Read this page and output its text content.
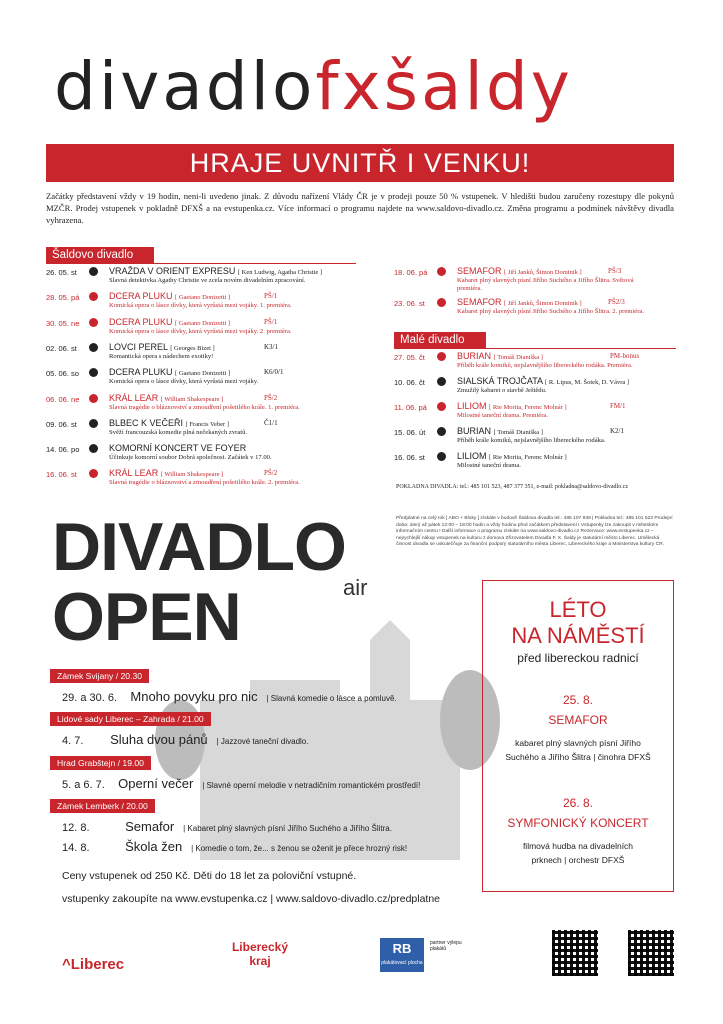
divadlofxšaldy
HRAJE UVNITŘ I VENKU!
Začátky představení vždy v 19 hodin, neni-li uvedeno jinak. Z důvodu nařízení Vlády ČR je v prodeji pouze 50 % vstupenek. V hledišti budou zaručeny rozestupy dle pokynů MZČR. Prodej vstupenek v pokladně DFXŠ a na evstupenka.cz. Více informací o programu najdete na www.saldovo-divadlo.cz. Změna programu a podmínek návštěvy divadla vyhrazena.
Šaldovo divadlo
26. 05. st	VRAŽDA V ORIENT EXPRESU [ Ken Ludwig, Agatha Christie ]
Slavná detektivka Agathy Christie ve zcela novém divadelním zpracování.
28. 05. pá	DCERA PLUKU [ Gaetano Donizetti ]	PŠ/1
Komická opera o lásce dívky, která vyrůstá mezi vojáky. 1. premiéra.
30. 05. ne	DCERA PLUKU [ Gaetano Donizetti ]	PŠ/1
Komická opera o lásce dívky, která vyrůstá mezi vojáky. 2. premiéra.
02. 06. st	LOVCI PEREL [ Georges Bizet ]	K3/1
Romantická opera s nádechem exotiky!
05. 06. so	DCERA PLUKU [ Gaetano Donizetti ]	K6/0/1
Komická opera o lásce dívky, která vyrůstá mezi vojáky.
06. 06. ne	KRÁL LEAR [ William Shakespeare ]	PŠ/2
Slavná tragédie o bláznovství a zmoudření pošetilého krále. 1. premiéra.
09. 06. st	BLBEC K VEČEŘI [ Francis Veber ]	Č1/1
Svěží francouzská komedie plná nečekaných zvratů.
14. 06. po	KOMORNÍ KONCERT VE FOYER
Účinkuje komorní soubor Dobrá společnost. Začátek v 17.00.
16. 06. st	KRÁL LEAR [ William Shakespeare ]	PŠ/2
Slavná tragédie o bláznovství a zmoudření pošetilého krále. 2. premiéra.
18. 06. pá	SEMAFOR [ Jiří Janků, Šimon Dominik ]	PŠ/3
Kabaret plný slavných písní Jiřího Suchého a Jiřího Šlitra. Světová premiéra.
23. 06. st	SEMAFOR [ Jiří Janků, Šimon Dominik ]	PŠ2/3
Kabaret plný slavných písní Jiřího Suchého a Jiřího Šlitra. 2. premiéra.
Malé divadlo
27. 05. čt	BURIAN [ Tomáš Dianiška ]	PM-bonus
Příběh krále komiků, nejslavnějšího libereckého rodáka. Premiéra.
10. 06. čt	SIALSKÁ TROJČATA [ R. Lipus, M. Šotek, D. Vávra ]
Zmužilý kabaret o stavbě Ještědu.
11. 06. pá	LILIOM [ Rie Morita, Ferenc Molnár ]	FM/1
Milostné taneční drama. Premiéra.
15. 06. út	BURIAN [ Tomáš Dianiška ]	K2/1
Příběh krále komiků, nejslavnějšího libereckého rodáka.
16. 06. st	LILIOM [ Rie Morita, Ferenc Molnár ]
Milostné taneční drama.
POKLADNA DIVADLA: tel.: 485 101 523, 487 377 351, e-mail: pokladna@saldovo-divadlo.cz
DIVADLO
OPEN	air
Předplatné na celý rok [ ABO + Bloky ] získáte v budově Šaldova divadla tel.: 485 107 838 | Pokladna tel.: 485 101 523 Prodejní doba: úterý až pátek 12:00 – 18:00 hodin a vždy hodinu před začátkem představení I Vstupenky lze zakoupit v městském informačním centru I Další informace o programu získáte na www.saldovo-divadlo.cz Rezervace: www.evstupenka.cz – nejrychlejší nákup vstupenek na kulturu z domova Zřizovatelem Divadla F. X. Šaldy je statutární město Liberec. Umělecká činnost divadla se uskutečňuje za finanční podpory statutárního města Liberec, Libereckého kraje a Ministerstva kultury ČR.
Zámek Svijany / 20.30
29. a 30. 6. Mnoho povyku pro nic | Slavná komedie o lásce a pomluvě.
Lidové sady Liberec – Zahrada / 21.00
4. 7. Sluha dvou pánů | Jazzové taneční divadlo.
Hrad Grabštejn / 19.00
5. a 6. 7. Operní večer | Slavné operní melodie v netradičním romantickém prostředí!
Zámek Lemberk / 20.00
12. 8.	Semafor | Kabaret plný slavných písní Jiřího Suchého a Jiřího Šlitra.
14. 8.	Škola žen | Komedie o tom, že... s ženou se oženit je přece hrozný risk!
Ceny vstupenek od 250 Kč. Děti do 18 let za poloviční vstupné.
vstupenky zakoupíte na www.evstupenka.cz | www.saldovo-divadlo.cz/predplatne
LÉTO
NA NÁMĚSTÍ
před libereckou radnicí
25. 8.
SEMAFOR
kabaret plný slavných písní Jiřího
Suchého a Jiřího Šlitra | činohra DFXŠ
26. 8.
SYMFONICKÝ KONCERT
filmová hudba na divadelních
prknech | orchestr DFXŠ
^Liberec
Liberecký
kraj
RB
plakátovací plocha
partner výlepu plakátů
